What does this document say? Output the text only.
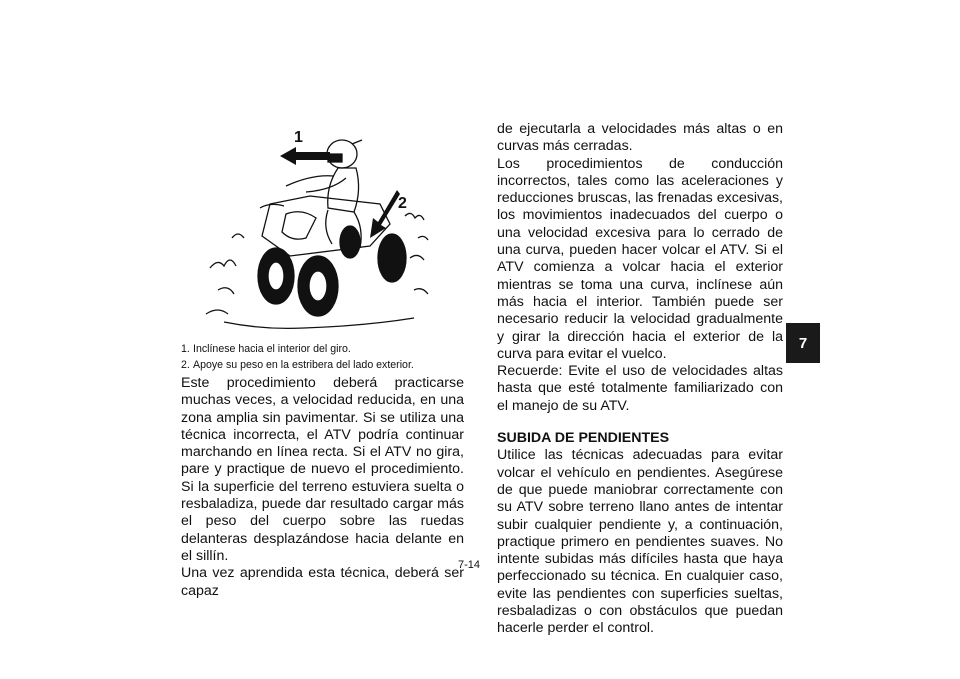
1
2
1. Inclínese hacia el interior del giro.
2. Apoye su peso en la estribera del lado exterior.

Este procedimiento deberá practicarse muchas veces, a velocidad reducida, en una zona amplia sin pavimentar. Si se utiliza una técnica incorrecta, el ATV podría continuar marchando en línea recta. Si el ATV no gira, pare y practique de nuevo el procedimiento. Si la superficie del terreno estuviera suelta o resbaladiza, puede dar resultado cargar más el peso del cuerpo sobre las ruedas delanteras desplazándose hacia delante en el sillín.

Una vez aprendida esta técnica, deberá ser capaz

de ejecutarla a velocidades más altas o en curvas más cerradas.

Los procedimientos de conducción incorrectos, tales como las aceleraciones y reducciones bruscas, las frenadas excesivas, los movimientos inadecuados del cuerpo o una velocidad excesiva para lo cerrado de una curva, pueden hacer volcar el ATV. Si el ATV comienza a volcar hacia el exterior mientras se toma una curva, inclínese aún más hacia el interior. También puede ser necesario reducir la velocidad gradualmente y girar la dirección hacia el exterior de la curva para evitar el vuelco.

Recuerde: Evite el uso de velocidades altas hasta que esté totalmente familiarizado con el manejo de su ATV.

SUBIDA DE PENDIENTES

Utilice las técnicas adecuadas para evitar volcar el vehículo en pendientes. Asegúrese de que puede maniobrar correctamente con su ATV sobre terreno llano antes de intentar subir cualquier pendiente y, a continuación, practique primero en pendientes suaves. No intente subidas más difíciles hasta que haya perfeccionado su técnica. En cualquier caso, evite las pendientes con superficies sueltas, resbaladizas o con obstáculos que puedan hacerle perder el control.

7-14
7
